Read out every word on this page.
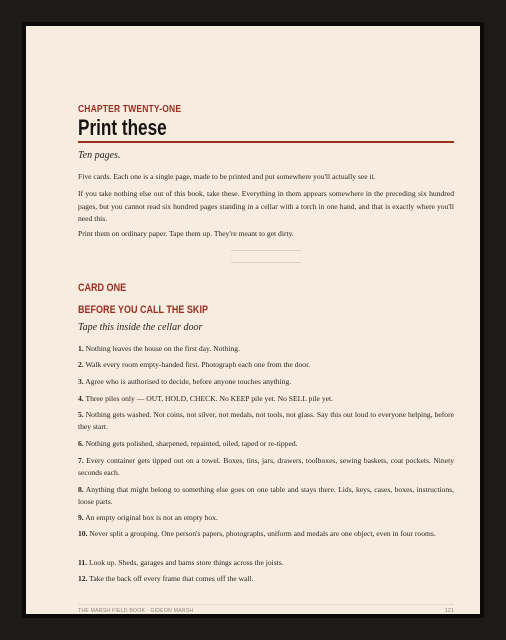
CHAPTER TWENTY-ONE
Print these
Ten pages.

Five cards. Each one is a single page, made to be printed and put somewhere you'll actually see it.

If you take nothing else out of this book, take these. Everything in them appears somewhere in the preceding six hundred pages, but you cannot read six hundred pages standing in a cellar with a torch in one hand, and that is exactly where you'll need this.

Print them on ordinary paper. Tape them up. They're meant to get dirty.

CARD ONE
BEFORE YOU CALL THE SKIP
Tape this inside the cellar door

1. Nothing leaves the house on the first day. Nothing.

2. Walk every room empty-handed first. Photograph each one from the door.

3. Agree who is authorised to decide, before anyone touches anything.

4. Three piles only — OUT, HOLD, CHECK. No KEEP pile yet. No SELL pile yet.

5. Nothing gets washed. Not coins, not silver, not medals, not tools, not glass. Say this out loud to everyone helping, before they start.

6. Nothing gets polished, sharpened, repainted, oiled, taped or re-tipped.

7. Every container gets tipped out on a towel. Boxes, tins, jars, drawers, toolboxes, sewing baskets, coat pockets. Ninety seconds each.

8. Anything that might belong to something else goes on one table and stays there. Lids, keys, cases, boxes, instructions, loose parts.

9. An empty original box is not an empty box.

10. Never split a grouping. One person's papers, photographs, uniform and medals are one object, even in four rooms.

11. Look up. Sheds, garages and barns store things across the joists.

12. Take the back off every frame that comes off the wall.

THE MARSH FIELD BOOK · GIDEON MARSH	121
